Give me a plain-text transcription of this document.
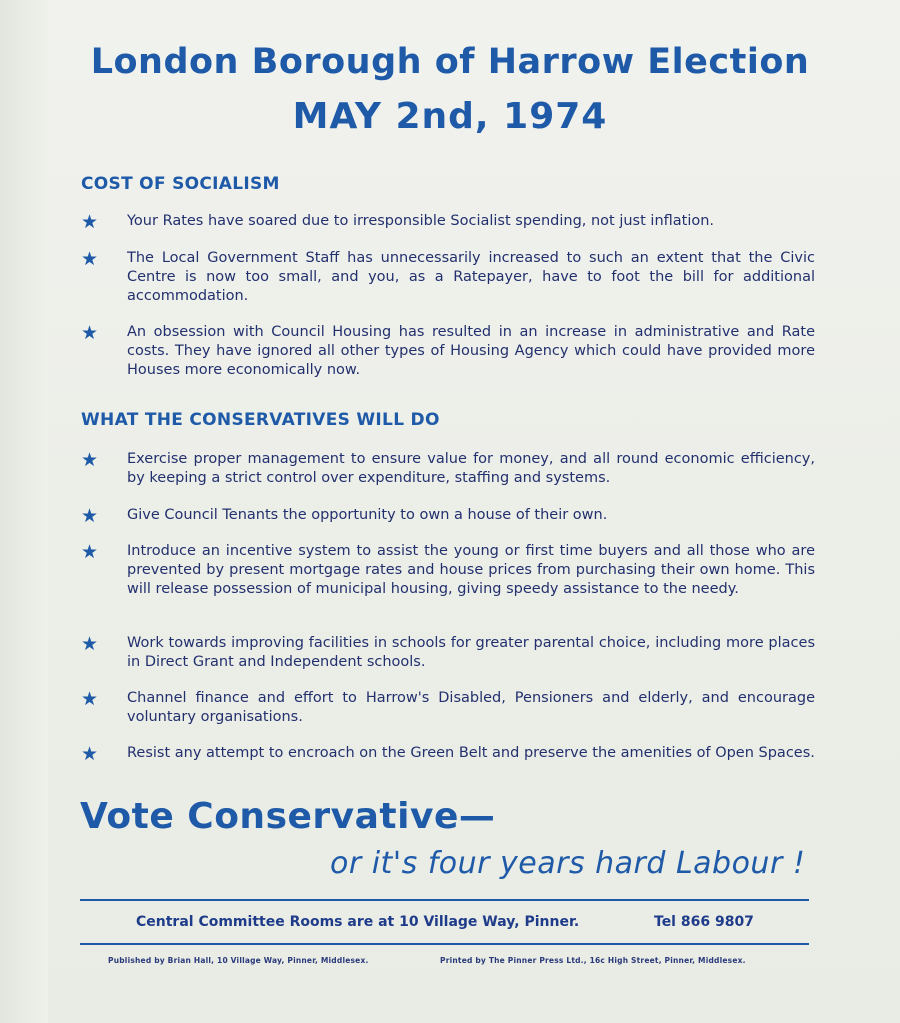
London Borough of Harrow Election
MAY 2nd, 1974
COST OF SOCIALISM
★ Your Rates have soared due to irresponsible Socialist spending, not just inflation.
★ The Local Government Staff has unnecessarily increased to such an extent that the Civic Centre is now too small, and you, as a Ratepayer, have to foot the bill for additional accommodation.
★ An obsession with Council Housing has resulted in an increase in administrative and Rate costs. They have ignored all other types of Housing Agency which could have provided more Houses more economically now.
WHAT THE CONSERVATIVES WILL DO
★ Exercise proper management to ensure value for money, and all round economic efficiency, by keeping a strict control over expenditure, staffing and systems.
★ Give Council Tenants the opportunity to own a house of their own.
★ Introduce an incentive system to assist the young or first time buyers and all those who are prevented by present mortgage rates and house prices from purchasing their own home. This will release possession of municipal housing, giving speedy assistance to the needy.
★ Work towards improving facilities in schools for greater parental choice, including more places in Direct Grant and Independent schools.
★ Channel finance and effort to Harrow's Disabled, Pensioners and elderly, and encourage voluntary organisations.
★ Resist any attempt to encroach on the Green Belt and preserve the amenities of Open Spaces.
Vote Conservative—
or it's four years hard Labour !
Central Committee Rooms are at 10 Village Way, Pinner.	Tel 866 9807
Published by Brian Hall, 10 Village Way, Pinner, Middlesex.	Printed by The Pinner Press Ltd., 16c High Street, Pinner, Middlesex.
